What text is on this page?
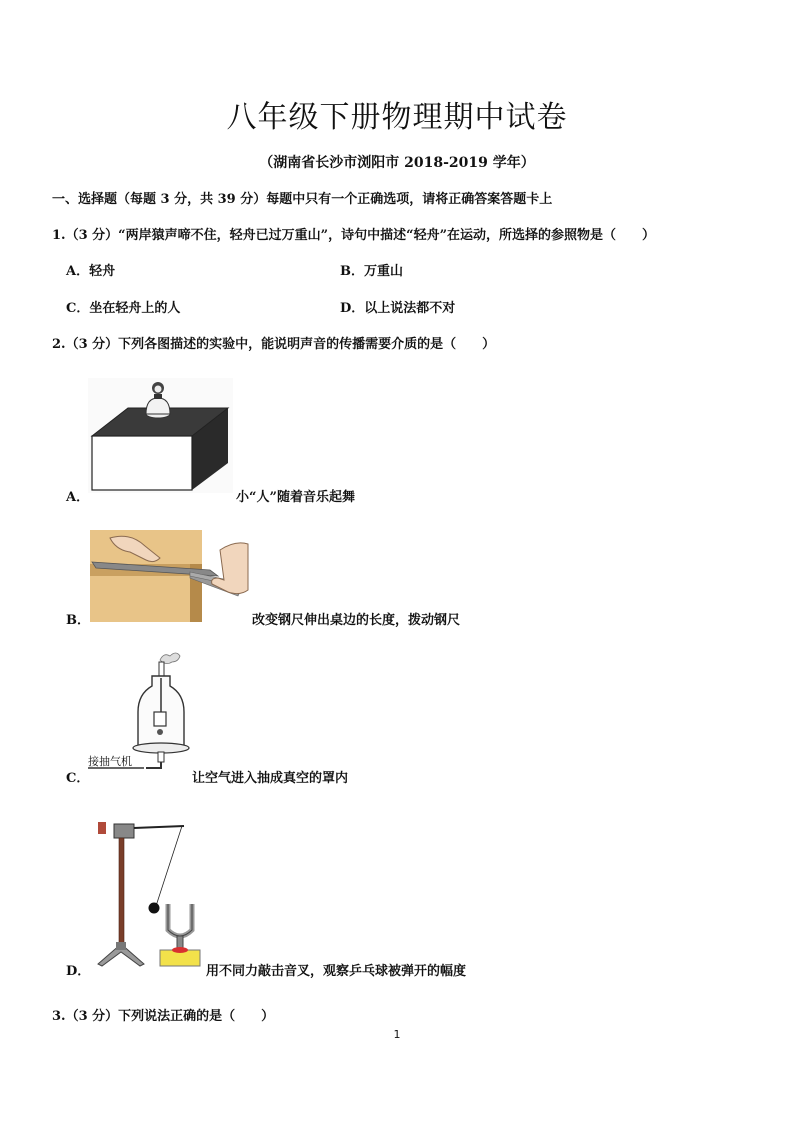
八年级下册物理期中试卷
（湖南省长沙市浏阳市 2018-2019 学年）
一、选择题（每题 3 分，共 39 分）每题中只有一个正确选项，请将正确答案答题卡上
1.（3 分）“两岸猿声啼不住，轻舟已过万重山”，诗句中描述“轻舟”在运动，所选择的参照物是（　　）
A．轻舟	B．万重山
C．坐在轻舟上的人	D．以上说法都不对
2.（3 分）下列各图描述的实验中，能说明声音的传播需要介质的是（　　）
A．	小“人”随着音乐起舞
B．	改变钢尺伸出桌边的长度，拨动钢尺
接抽气机
C．	让空气进入抽成真空的罩内
D．	用不同力敲击音叉，观察乒乓球被弹开的幅度
3.（3 分）下列说法正确的是（　　）
1
